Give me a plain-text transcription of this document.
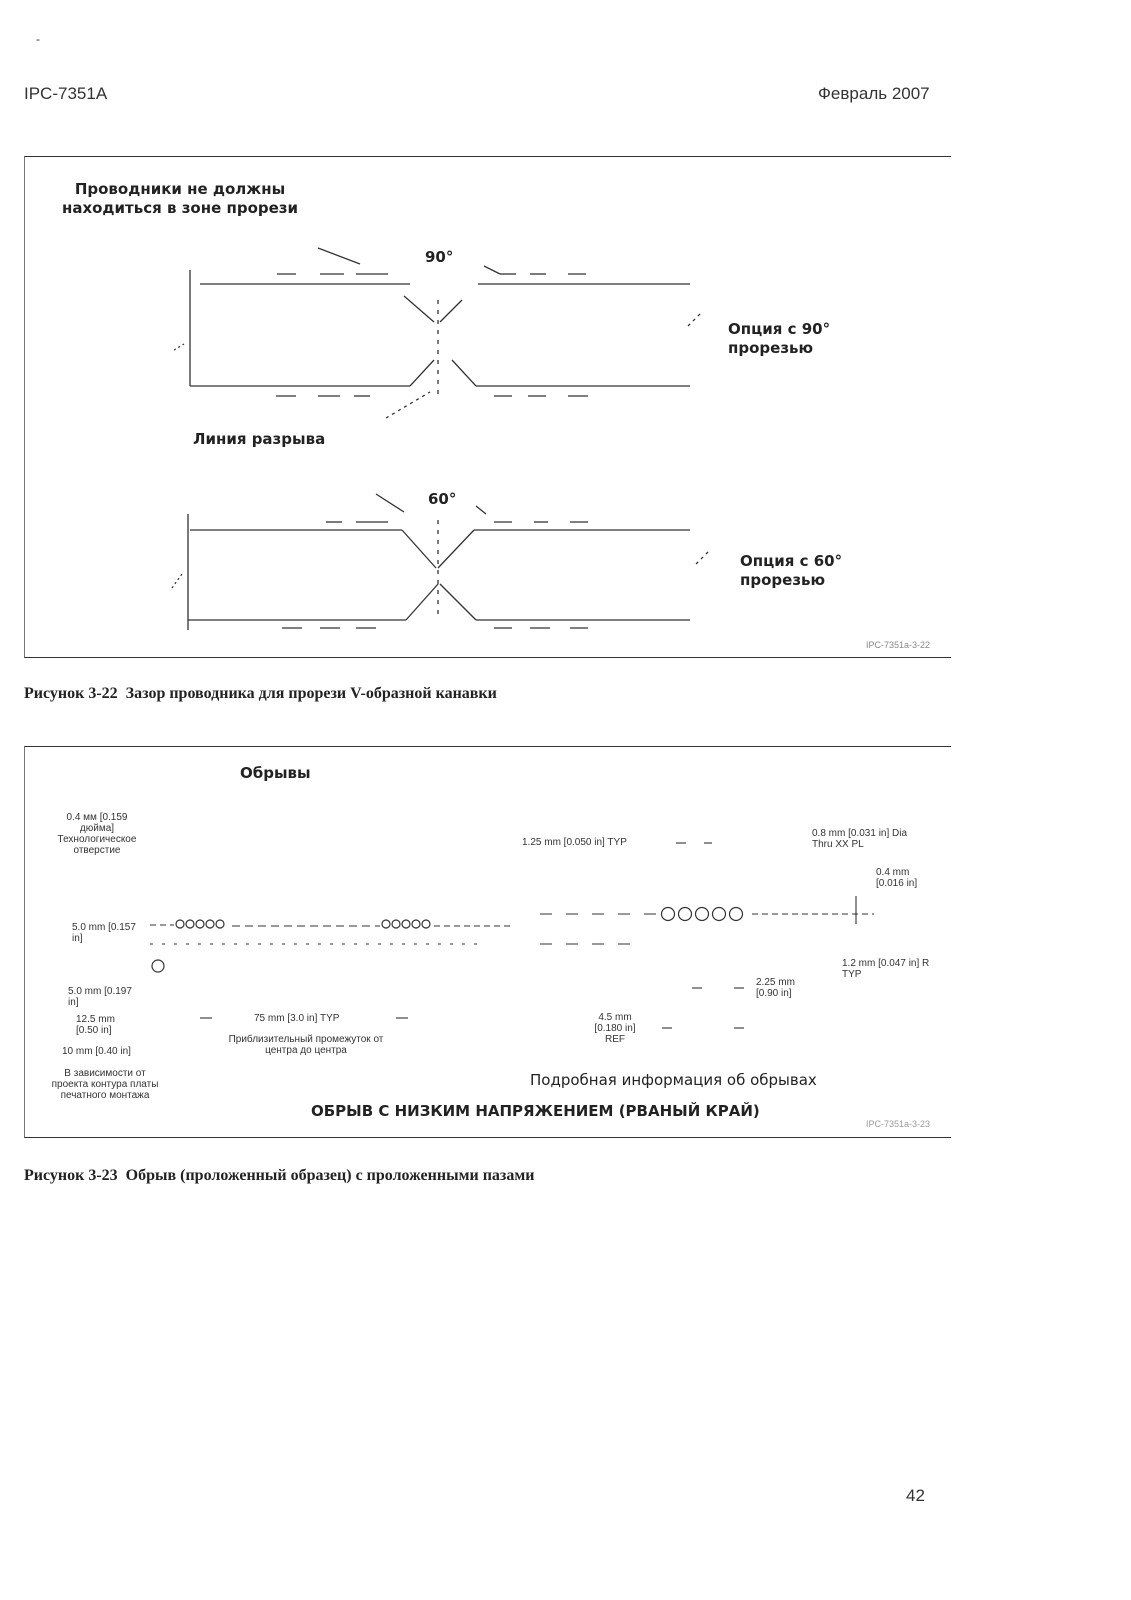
-
IPC-7351A	Февраль 2007
Проводники не должны находиться в зоне прорези
90°
Опция с 90° прорезью
Линия разрыва
60°
Опция с 60° прорезью
IPC-7351a-3-22
Рисунок 3-22 Зазор проводника для прорези V-образной канавки
Обрывы
0.4 мм [0.159 дюйма] Технологическое отверстие
1.25 mm [0.050 in] TYP
0.8 mm [0.031 in] Dia Thru XX PL
0.4 mm [0.016 in]
5.0 mm [0.157 in]
1.2 mm [0.047 in] R TYP
2.25 mm [0.90 in]
5.0 mm [0.197 in]
12.5 mm [0.50 in]
75 mm [3.0 in] TYP	4.5 mm [0.180 in] REF
10 mm [0.40 in]
Приблизительный промежуток от центра до центра
В зависимости от проекта контура платы печатного монтажа
Подробная информация об обрывах
ОБРЫВ С НИЗКИМ НАПРЯЖЕНИЕМ (РВАНЫЙ КРАЙ)
IPC-7351a-3-23
Рисунок 3-23 Обрыв (проложенный образец) с проложенными пазами
42
